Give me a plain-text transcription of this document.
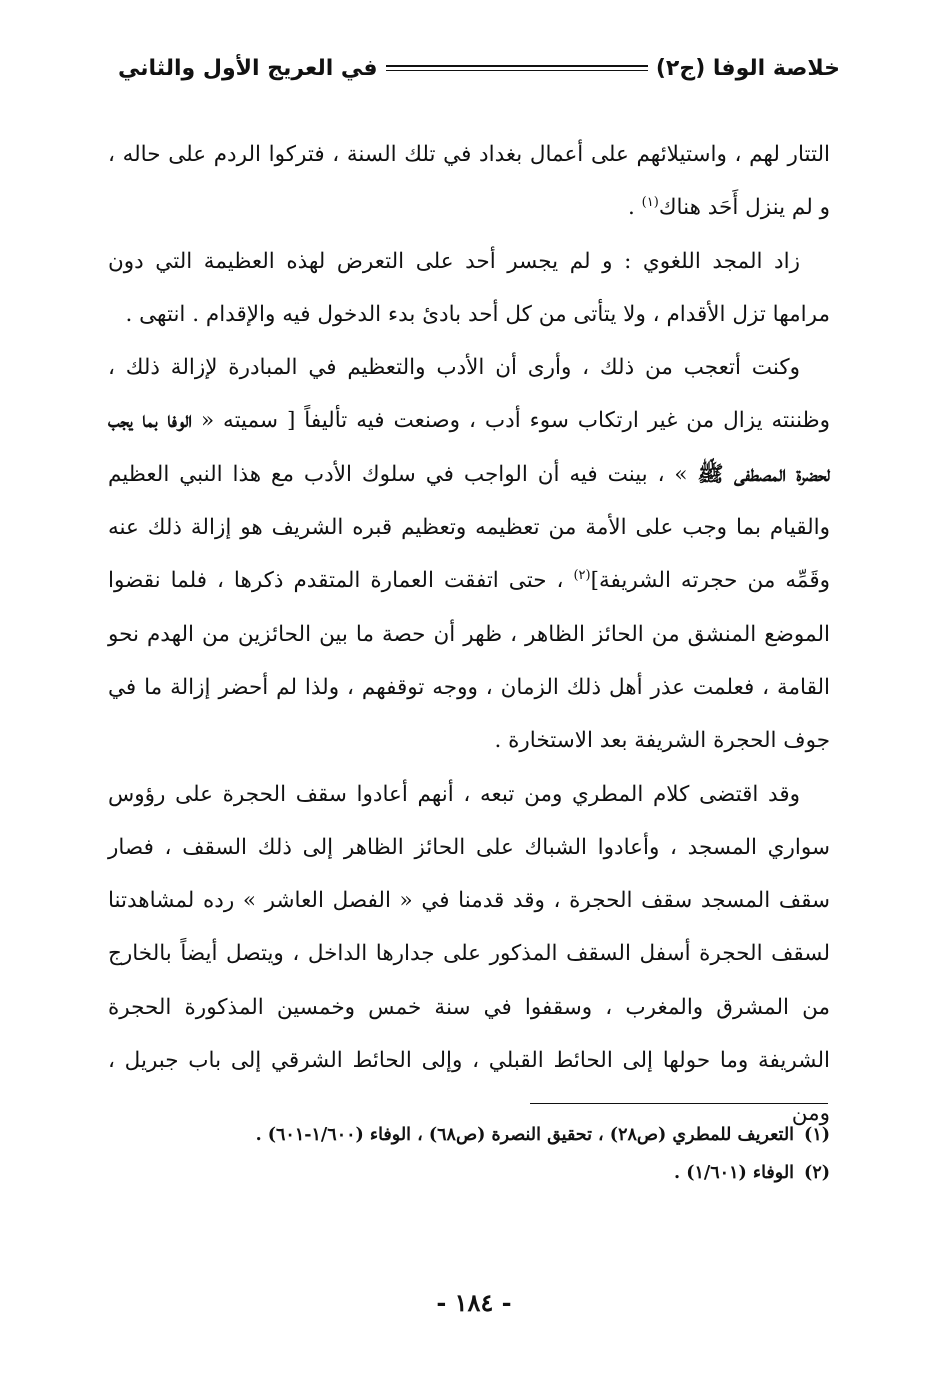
خلاصة الوفا (ج٢)
في العريج الأول والثاني

التتار لهم ، واستيلائهم على أعمال بغداد في تلك السنة ، فتركوا الردم على حاله ، و لم ينزل أَحَد هناك$^{(١)}$ .

زاد المجد اللغوي : و لم يجسر أحد على التعرض لهذه العظيمة التي دون مرامها تزل الأقدام ، ولا يتأتى من كل أحد بادئ بدء الدخول فيه والإقدام . انتهى .

وكنت أتعجب من ذلك ، وأرى أن الأدب والتعظيم في المبادرة لإزالة ذلك ، وظننته يزال من غير ارتكاب سوء أدب ، وصنعت فيه تأليفاً [ سميته « الوفا بما يجب لحضرة المصطفى ﷺ » ، بينت فيه أن الواجب في سلوك الأدب مع هذا النبي العظيم والقيام بما وجب على الأمة من تعظيمه وتعظيم قبره الشريف هو إزالة ذلك عنه وقَمِّه من حجرته الشريفة]$^{(٢)}$ ، حتى اتفقت العمارة المتقدم ذكرها ، فلما نقضوا الموضع المنشق من الحائز الظاهر ، ظهر أن حصة ما بين الحائزين من الهدم نحو القامة ، فعلمت عذر أهل ذلك الزمان ، ووجه توقفهم ، ولذا لم أحضر إزالة ما في جوف الحجرة الشريفة بعد الاستخارة .

وقد اقتضى كلام المطري ومن تبعه ، أنهم أعادوا سقف الحجرة على رؤوس سواري المسجد ، وأعادوا الشباك على الحائز الظاهر إلى ذلك السقف ، فصار سقف المسجد سقف الحجرة ، وقد قدمنا في « الفصل العاشر » رده لمشاهدتنا لسقف الحجرة أسفل السقف المذكور على جدارها الداخل ، ويتصل أيضاً بالخارج من المشرق والمغرب ، وسقفوا في سنة خمس وخمسين المذكورة الحجرة الشريفة وما حولها إلى الحائط القبلي ، وإلى الحائط الشرقي إلى باب جبريل ، ومن

(١)
التعريف للمطري (ص٢٨) ، تحقيق النصرة (ص٦٨) ، الوفاء (١/٦٠٠-٦٠١) .
(٢)
الوفاء (١/٦٠١) .
- ١٨٤ -
